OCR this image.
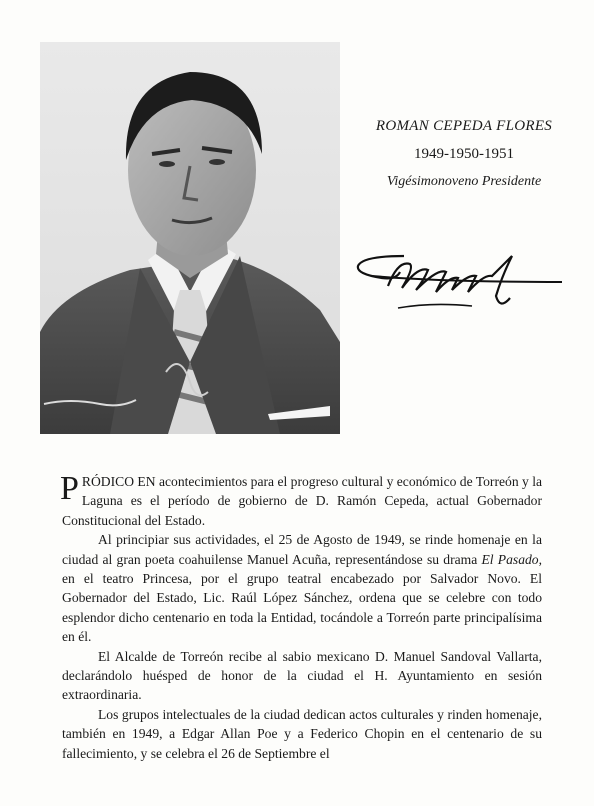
ROMAN CEPEDA FLORES
1949-1950-1951
Vigésimonoveno Presidente

PRÓDICO EN acontecimientos para el progreso cultural y económico de Torreón y la Laguna es el período de gobierno de D. Ramón Cepeda, actual Gobernador Constitucional del Estado.

Al principiar sus actividades, el 25 de Agosto de 1949, se rinde homenaje en la ciudad al gran poeta coahuilense Manuel Acuña, representándose su drama El Pasado, en el teatro Princesa, por el grupo teatral encabezado por Salvador Novo. El Gobernador del Estado, Lic. Raúl López Sánchez, ordena que se celebre con todo esplendor dicho centenario en toda la Entidad, tocándole a Torreón parte principalísima en él.

El Alcalde de Torreón recibe al sabio mexicano D. Manuel Sandoval Vallarta, declarándolo huésped de honor de la ciudad el H. Ayuntamiento en sesión extraordinaria.

Los grupos intelectuales de la ciudad dedican actos culturales y rinden homenaje, también en 1949, a Edgar Allan Poe y a Federico Chopin en el centenario de su fallecimiento, y se celebra el 26 de Septiembre el
